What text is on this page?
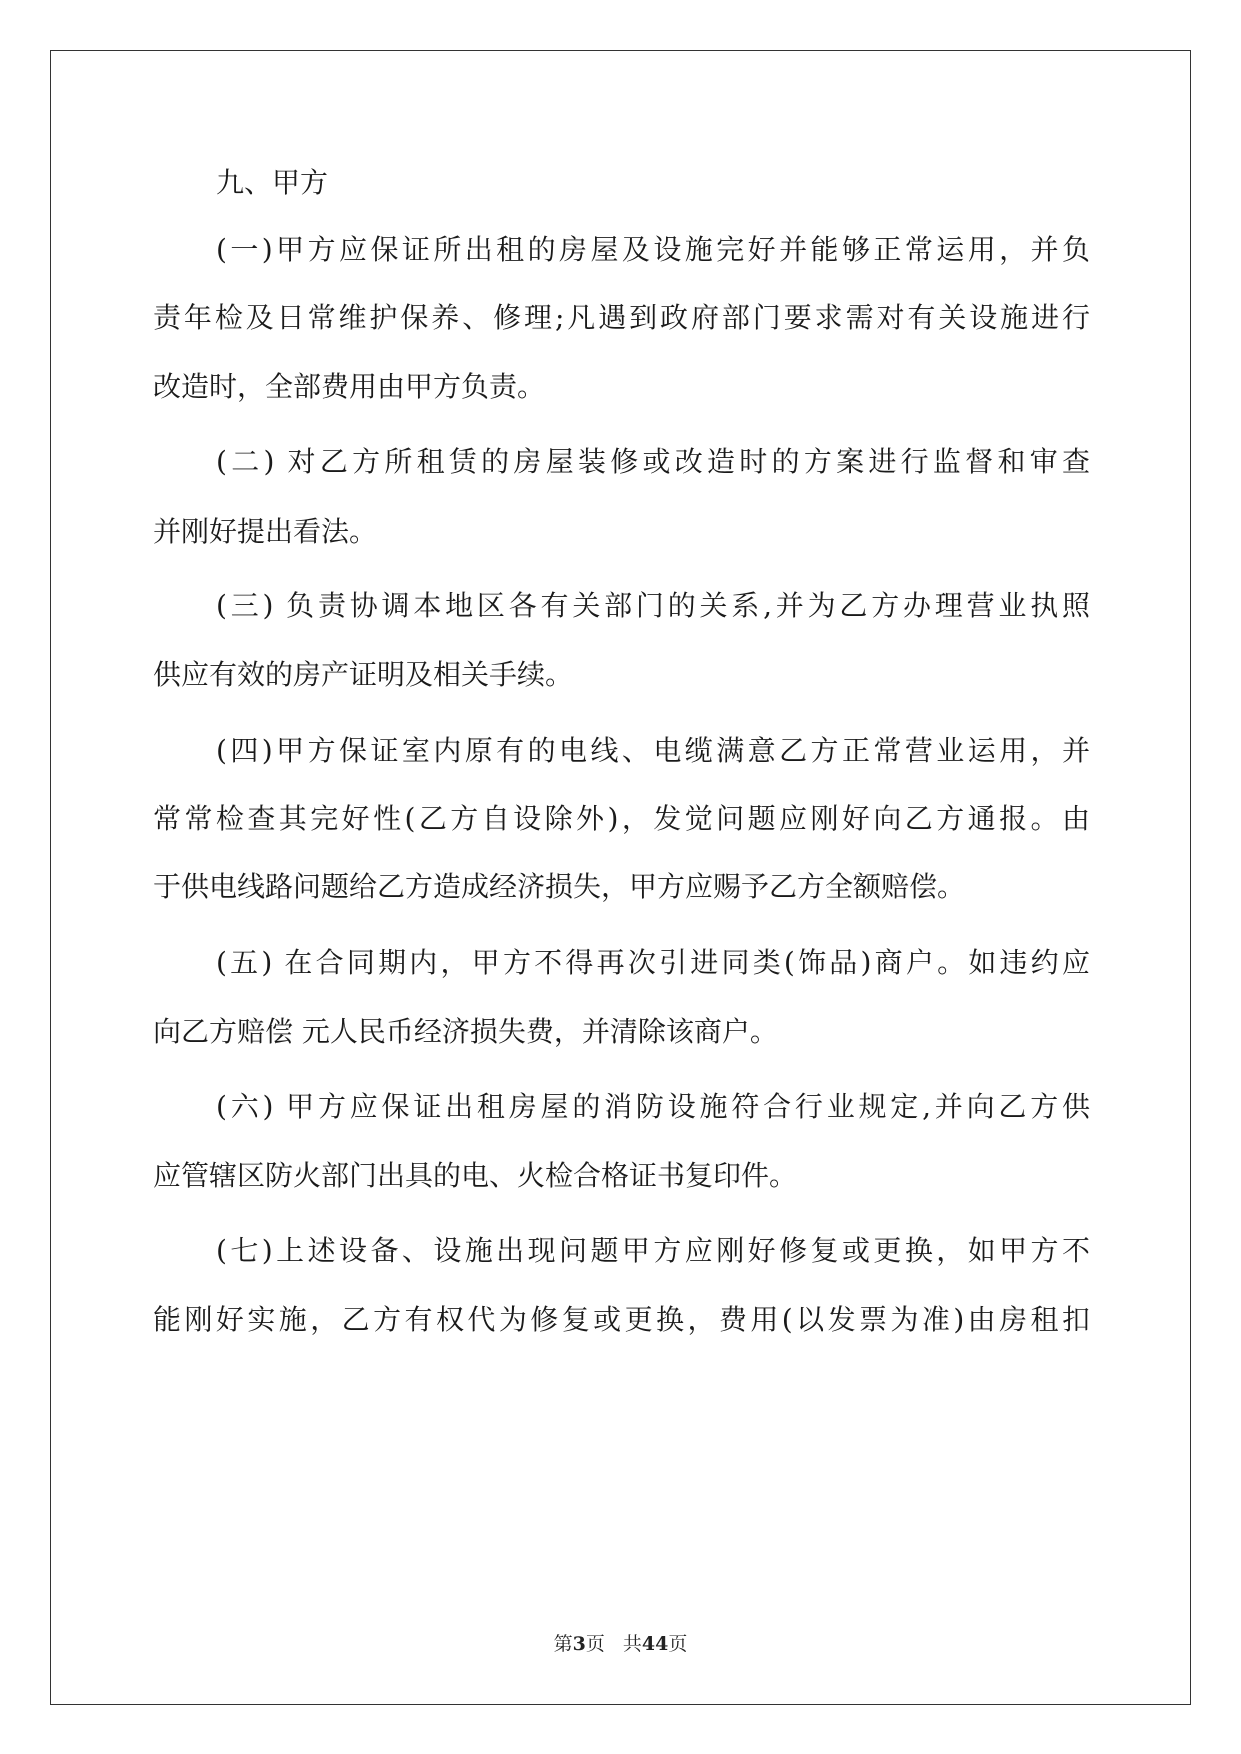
九、甲方
(一)甲方应保证所出租的房屋及设施完好并能够正常运用，并负
责年检及日常维护保养、修理;凡遇到政府部门要求需对有关设施进行
改造时，全部费用由甲方负责。
(二) 对乙方所租赁的房屋装修或改造时的方案进行监督和审查
并刚好提出看法。
(三) 负责协调本地区各有关部门的关系,并为乙方办理营业执照
供应有效的房产证明及相关手续。
(四)甲方保证室内原有的电线、电缆满意乙方正常营业运用，并
常常检查其完好性(乙方自设除外)，发觉问题应刚好向乙方通报。由
于供电线路问题给乙方造成经济损失，甲方应赐予乙方全额赔偿。
(五) 在合同期内，甲方不得再次引进同类(饰品)商户。如违约应
向乙方赔偿 元人民币经济损失费，并清除该商户。
(六) 甲方应保证出租房屋的消防设施符合行业规定,并向乙方供
应管辖区防火部门出具的电、火检合格证书复印件。
(七)上述设备、设施出现问题甲方应刚好修复或更换，如甲方不
能刚好实施，乙方有权代为修复或更换，费用(以发票为准)由房租扣
第3页 共44页
